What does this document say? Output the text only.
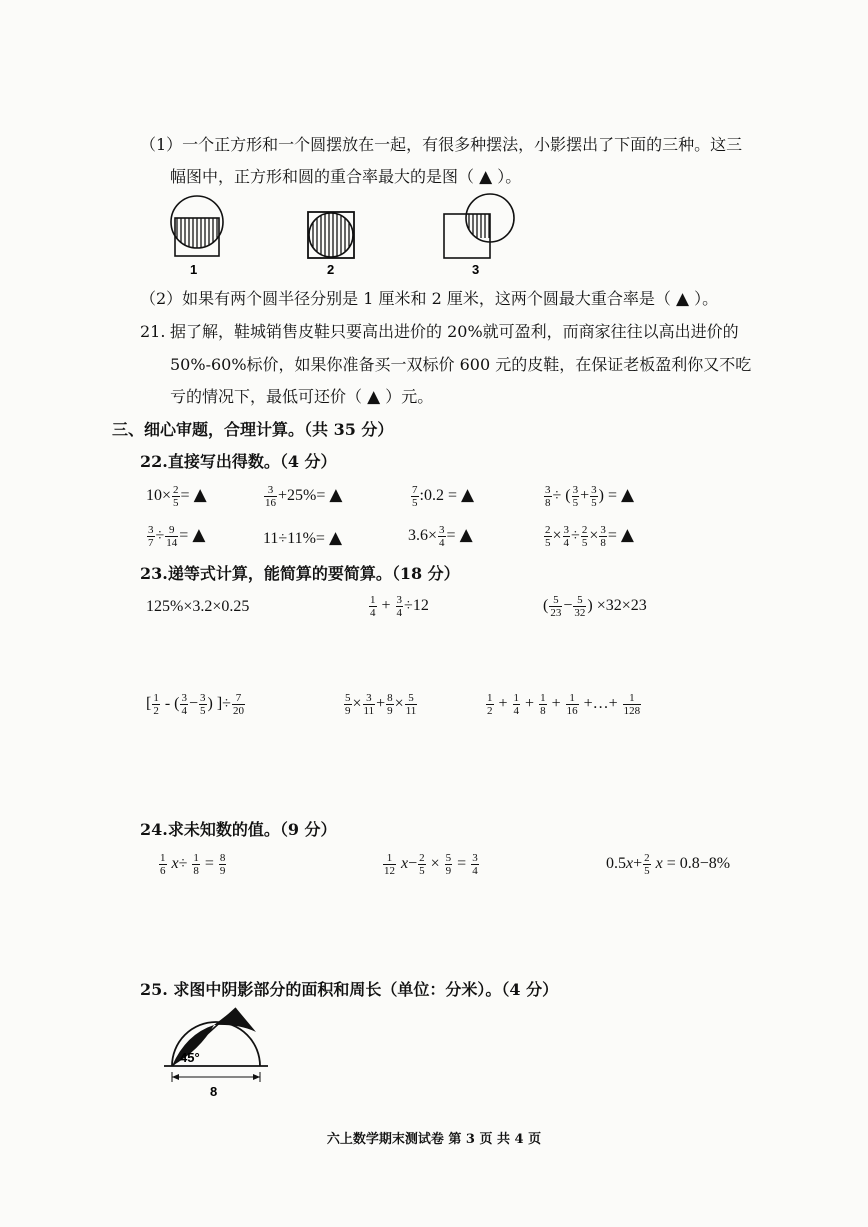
（1）一个正方形和一个圆摆放在一起，有很多种摆法，小影摆出了下面的三种。这三
幅图中，正方形和圆的重合率最大的是图（ ▲ ）。
1	2	3
（2）如果有两个圆半径分别是 1 厘米和 2 厘米，这两个圆最大重合率是（ ▲ ）。
21. 据了解，鞋城销售皮鞋只要高出进价的 20%就可盈利，而商家往往以高出进价的
50%-60%标价，如果你准备买一双标价 600 元的皮鞋，在保证老板盈利你又不吃
亏的情况下，最低可还价（ ▲ ）元。
三、细心审题，合理计算。（共 35 分）
22.直接写出得数。（4 分）
$10\times \frac{2}{5}$ = ▲	$\frac{3}{16} +25\%=$ ▲	$\frac{7}{5}$ :0.2 = ▲	$\frac{3}{8}$ ÷ ( $\frac{3}{5} + \frac{3}{5}$ ) = ▲
$\frac{3}{7} \div \frac{9}{14}$ = ▲	11÷11%= ▲	$3.6\times \frac{3}{4}$ = ▲	$\frac{2}{5} \times \frac{3}{4} \div \frac{2}{5} \times \frac{3}{8}$ = ▲
23.递等式计算，能简算的要简算。（18 分）
125%×3.2×0.25	$\frac{1}{4} + \frac{3}{4} \div 12$	( $\frac{5}{23} - \frac{5}{32}$ ) ×32×23
[ $\frac{1}{2}$ - ( $\frac{3}{4} - \frac{3}{5}$ ) ]÷ $\frac{7}{20}$	$\frac{5}{9} \times \frac{3}{11} + \frac{8}{9} \times \frac{5}{11}$	$\frac{1}{2} + \frac{1}{4} + \frac{1}{8} + \frac{1}{16}$ +…+ $\frac{1}{128}$
24.求未知数的值。（9 分）
$\frac{1}{6} x\div \frac{1}{8} = \frac{8}{9}$	$\frac{1}{12} x- \frac{2}{5} \times \frac{5}{9} = \frac{3}{4}$	$0.5x+ \frac{2}{5}$ x = 0.8−8%
25. 求图中阴影部分的面积和周长（单位：分米）。（4 分）
45°
8
六上数学期末测试卷 第 3 页 共 4 页
